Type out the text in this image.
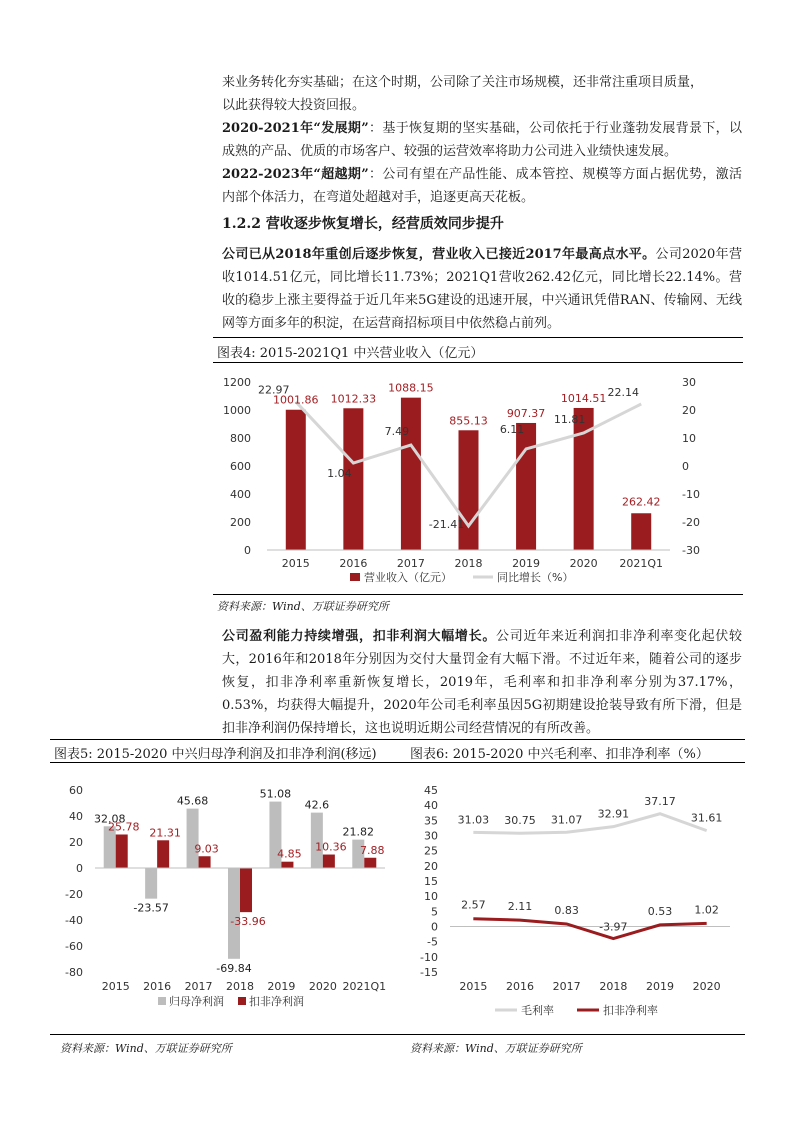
来业务转化夯实基础；在这个时期，公司除了关注市场规模，还非常注重项目质量，
以此获得较大投资回报。
2020-2021年“发展期”：基于恢复期的坚实基础，公司依托于行业蓬勃发展背景下，以成熟的产品、优质的市场客户、较强的运营效率将助力公司进入业绩快速发展。
2022-2023年“超越期”：公司有望在产品性能、成本管控、规模等方面占据优势，激活内部个体活力，在弯道处超越对手，追逐更高天花板。
1.2.2 营收逐步恢复增长，经营质效同步提升
公司已从2018年重创后逐步恢复，营业收入已接近2017年最高点水平。公司2020年营收1014.51亿元，同比增长11.73%；2021Q1营收262.42亿元，同比增长22.14%。营收的稳步上涨主要得益于近几年来5G建设的迅速开展，中兴通讯凭借RAN、传输网、无线网等方面多年的积淀，在运营商招标项目中依然稳占前列。
图表4: 2015-2021Q1 中兴营业收入（亿元）
0
200
400
600
800
1000
1200
-30
-20
-10
0
10
20
30
1001.86 1012.33
1088.15
855.13
907.37
1014.51
262.42
22.97
1.04
7.49
-21.41
6.11
11.81
22.14
2015	2016	2017	2018	2019	2020 2021Q1
营业收入（亿元）	同比增长（%）
资料来源：Wind、万联证券研究所
公司盈利能力持续增强，扣非利润大幅增长。公司近年来近利润扣非净利率变化起伏较大，2016年和2018年分别因为交付大量罚金有大幅下滑。不过近年来，随着公司的逐步恢复，扣非净利率重新恢复增长，2019年，毛利率和扣非净利率分别为37.17%，0.53%，均获得大幅提升，2020年公司毛利率虽因5G初期建设抢装导致有所下滑，但是扣非净利润仍保持增长，这也说明近期公司经营情况的有所改善。
图表5: 2015-2020 中兴归母净利润及扣非净利润(移远)	图表6: 2015-2020 中兴毛利率、扣非净利率（%）
-80
-60
-40
-20
0
20
40
60
32.08
-23.57
45.68
-69.84
51.08
42.6
21.82
25.78 21.31
9.03
-33.96
4.85
10.36 7.88
2015 2016 2017 2018 2019 2020 2021Q1
归母净利润 扣非净利润
-15
-10
-5
0
5
10
15
20
25
30
35
40
45
31.03 30.75 31.07 32.91
37.17
31.61
2.57 2.11 0.83
-3.97
0.53 1.02
2015 2016 2017 2018 2019 2020
毛利率	扣非净利率
资料来源：Wind、万联证券研究所	资料来源：Wind、万联证券研究所
